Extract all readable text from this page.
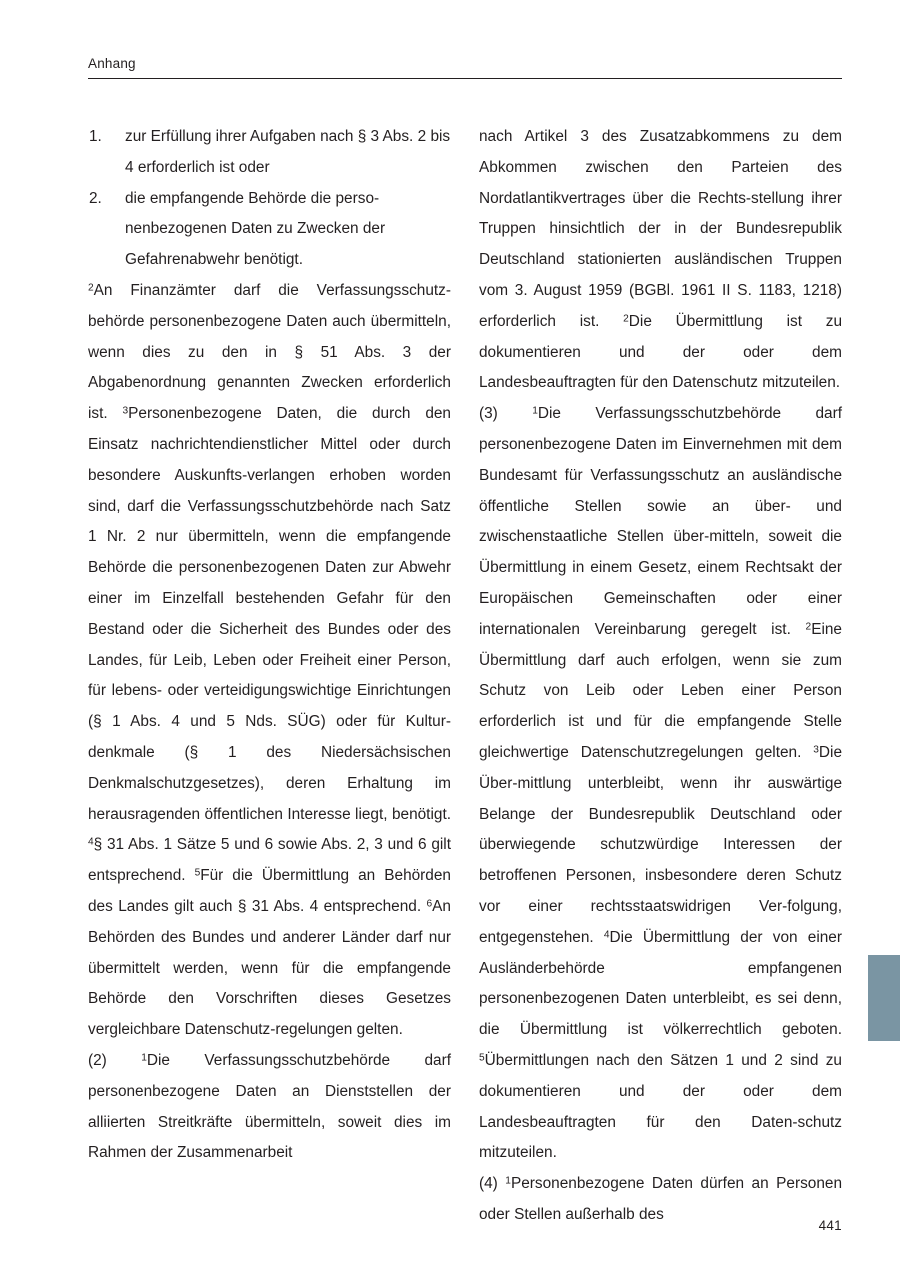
Anhang
1.	zur Erfüllung ihrer Aufgaben nach § 3 Abs. 2 bis 4 erforderlich ist oder
2.	die empfangende Behörde die perso-nenbezogenen Daten zu Zwecken der Gefahrenabwehr benötigt.

$^2$An Finanzämter darf die Verfassungsschutz-behörde personenbezogene Daten auch übermitteln, wenn dies zu den in § 51 Abs. 3 der Abgabenordnung genannten Zwecken erforderlich ist. $^3$Personenbezogene Daten, die durch den Einsatz nachrichtendienstlicher Mittel oder durch besondere Auskunfts-verlangen erhoben worden sind, darf die Verfassungsschutzbehörde nach Satz 1 Nr. 2 nur übermitteln, wenn die empfangende Behörde die personenbezogenen Daten zur Abwehr einer im Einzelfall bestehenden Gefahr für den Bestand oder die Sicherheit des Bundes oder des Landes, für Leib, Leben oder Freiheit einer Person, für lebens- oder verteidigungswichtige Einrichtungen (§ 1 Abs. 4 und 5 Nds. SÜG) oder für Kultur-denkmale (§ 1 des Niedersächsischen Denkmalschutzgesetzes), deren Erhaltung im herausragenden öffentlichen Interesse liegt, benötigt. $^4$§ 31 Abs. 1 Sätze 5 und 6 sowie Abs. 2, 3 und 6 gilt entsprechend. $^5$Für die Übermittlung an Behörden des Landes gilt auch § 31 Abs. 4 entsprechend. $^6$An Behörden des Bundes und anderer Länder darf nur übermittelt werden, wenn für die empfangende Behörde den Vorschriften dieses Gesetzes vergleichbare Datenschutz-regelungen gelten.

(2) $^1$Die Verfassungsschutzbehörde darf personenbezogene Daten an Dienststellen der alliierten Streitkräfte übermitteln, soweit dies im Rahmen der Zusammenarbeit

nach Artikel 3 des Zusatzabkommens zu dem Abkommen zwischen den Parteien des Nordatlantikvertrages über die Rechts-stellung ihrer Truppen hinsichtlich der in der Bundesrepublik Deutschland stationierten ausländischen Truppen vom 3. August 1959 (BGBl. 1961 II S. 1183, 1218) erforderlich ist. $^2$Die Übermittlung ist zu dokumentieren und der oder dem Landesbeauftragten für den Datenschutz mitzuteilen.

(3) $^1$Die Verfassungsschutzbehörde darf personenbezogene Daten im Einvernehmen mit dem Bundesamt für Verfassungsschutz an ausländische öffentliche Stellen sowie an über- und zwischenstaatliche Stellen über-mitteln, soweit die Übermittlung in einem Gesetz, einem Rechtsakt der Europäischen Gemeinschaften oder einer internationalen Vereinbarung geregelt ist. $^2$Eine Übermittlung darf auch erfolgen, wenn sie zum Schutz von Leib oder Leben einer Person erforderlich ist und für die empfangende Stelle gleichwertige Datenschutzregelungen gelten. $^3$Die Über-mittlung unterbleibt, wenn ihr auswärtige Belange der Bundesrepublik Deutschland oder überwiegende schutzwürdige Interessen der betroffenen Personen, insbesondere deren Schutz vor einer rechtsstaatswidrigen Ver-folgung, entgegenstehen. $^4$Die Übermittlung der von einer Ausländerbehörde empfangenen personenbezogenen Daten unterbleibt, es sei denn, die Übermittlung ist völkerrechtlich geboten. $^5$Übermittlungen nach den Sätzen 1 und 2 sind zu dokumentieren und der oder dem Landesbeauftragten für den Daten-schutz mitzuteilen.

(4) $^1$Personenbezogene Daten dürfen an Personen oder Stellen außerhalb des

441
